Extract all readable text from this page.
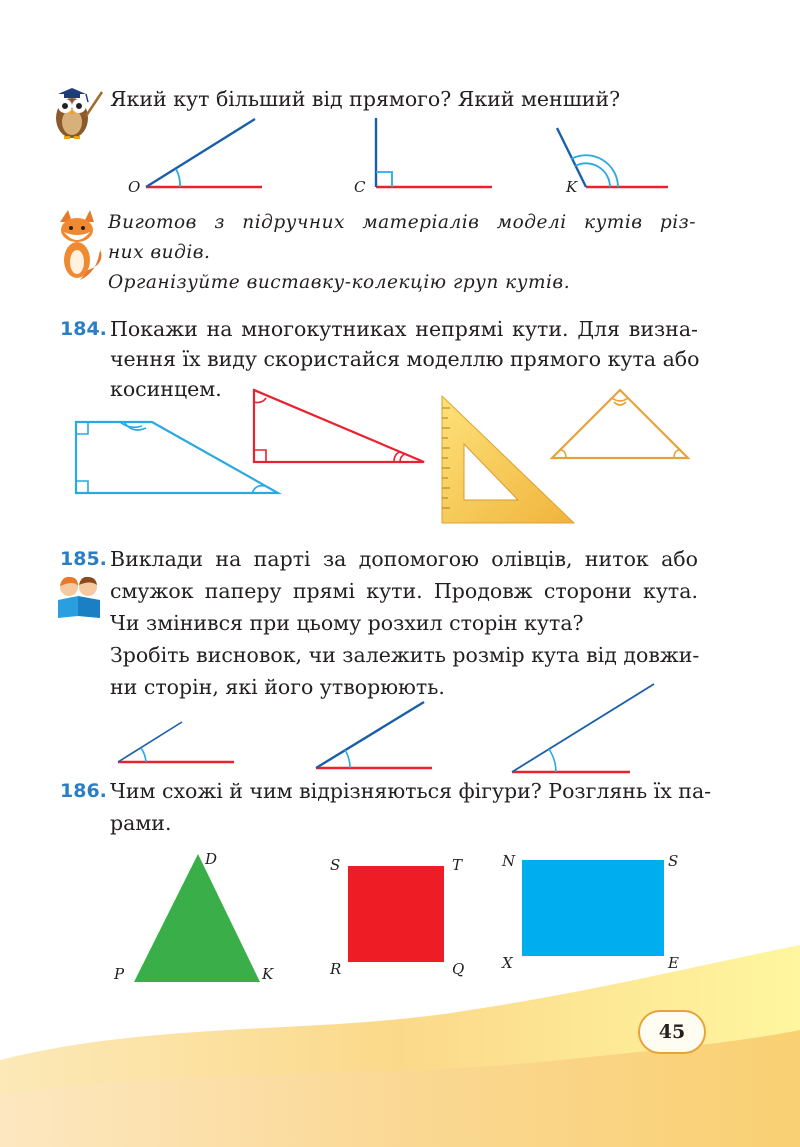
Який кут більший від прямого? Який менший?
O	C	K
Виготов з підручних матеріалів моделі кутів різ-
них видів.
Організуйте виставку-колекцію груп кутів.
184. Покажи на многокутниках непрямі кути. Для визна-
чення їх виду скористайся моделлю прямого кута або
косинцем.
185. Виклади на парті за допомогою олівців, ниток або
смужок паперу прямі кути. Продовж сторони кута.
Чи змінився при цьому розхил сторін кута?
Зробіть висновок, чи залежить розмір кута від довжи-
ни сторін, які його утворюють.
186. Чим схожі й чим відрізняються фігури? Розглянь їх па-
рами.
D
P	K
S	T
R	Q
N	S
X	E
45
